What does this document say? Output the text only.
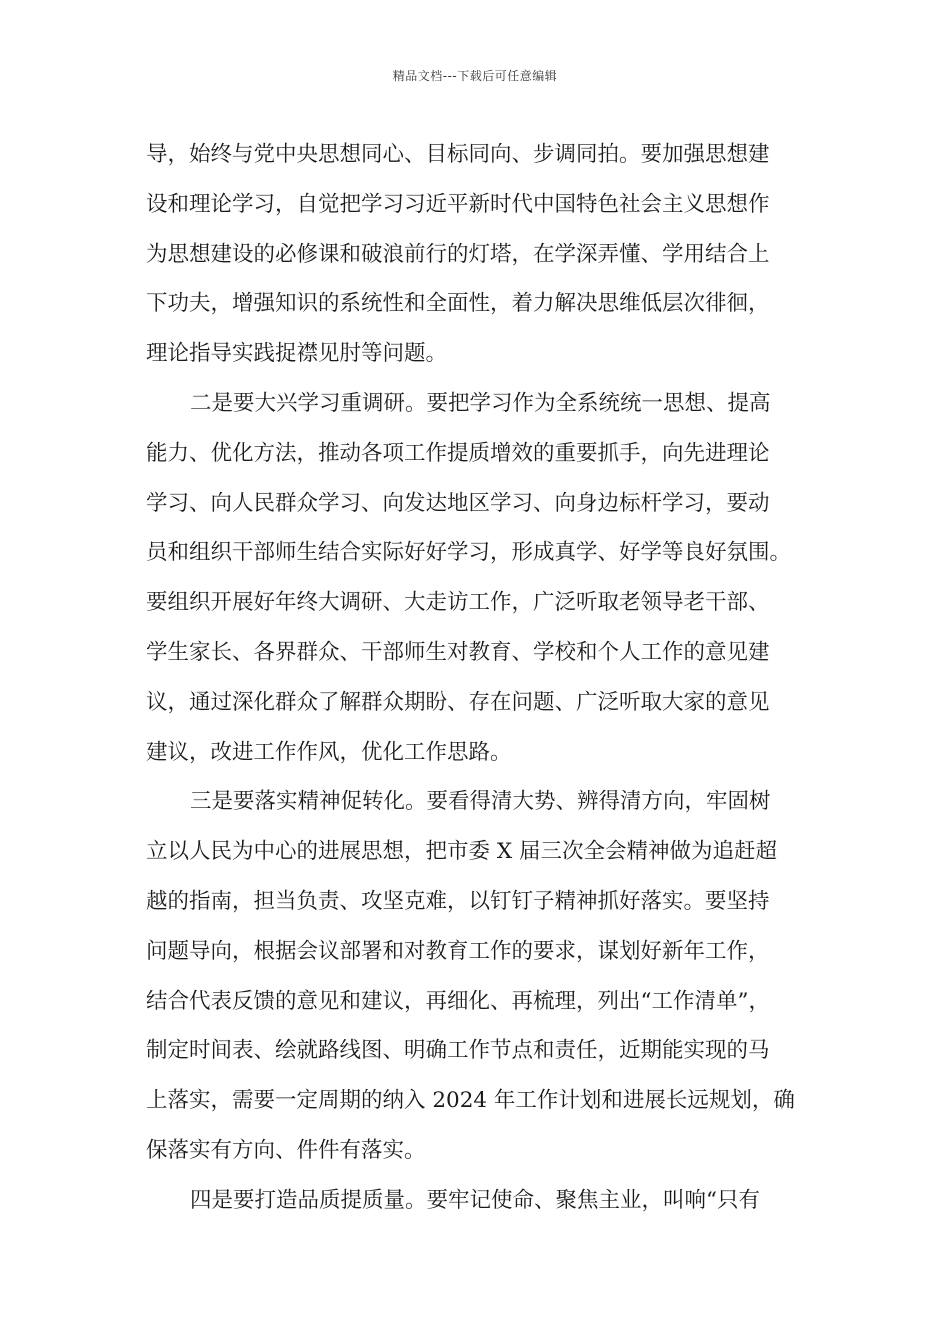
精品文档---下载后可任意编辑
导，始终与党中央思想同心、目标同向、步调同拍。要加强思想建
设和理论学习，自觉把学习习近平新时代中国特色社会主义思想作
为思想建设的必修课和破浪前行的灯塔，在学深弄懂、学用结合上
下功夫，增强知识的系统性和全面性，着力解决思维低层次徘徊，
理论指导实践捉襟见肘等问题。
二是要大兴学习重调研。要把学习作为全系统统一思想、提高
能力、优化方法，推动各项工作提质增效的重要抓手，向先进理论
学习、向人民群众学习、向发达地区学习、向身边标杆学习，要动
员和组织干部师生结合实际好好学习，形成真学、好学等良好氛围。
要组织开展好年终大调研、大走访工作，广泛听取老领导老干部、
学生家长、各界群众、干部师生对教育、学校和个人工作的意见建
议，通过深化群众了解群众期盼、存在问题、广泛听取大家的意见
建议，改进工作作风，优化工作思路。
三是要落实精神促转化。要看得清大势、辨得清方向，牢固树
立以人民为中心的进展思想，把市委 X 届三次全会精神做为追赶超
越的指南，担当负责、攻坚克难，以钉钉子精神抓好落实。要坚持
问题导向，根据会议部署和对教育工作的要求，谋划好新年工作，
结合代表反馈的意见和建议，再细化、再梳理，列出“工作清单”，
制定时间表、绘就路线图、明确工作节点和责任，近期能实现的马
上落实，需要一定周期的纳入 2024 年工作计划和进展长远规划，确
保落实有方向、件件有落实。
四是要打造品质提质量。要牢记使命、聚焦主业，叫响“只有
